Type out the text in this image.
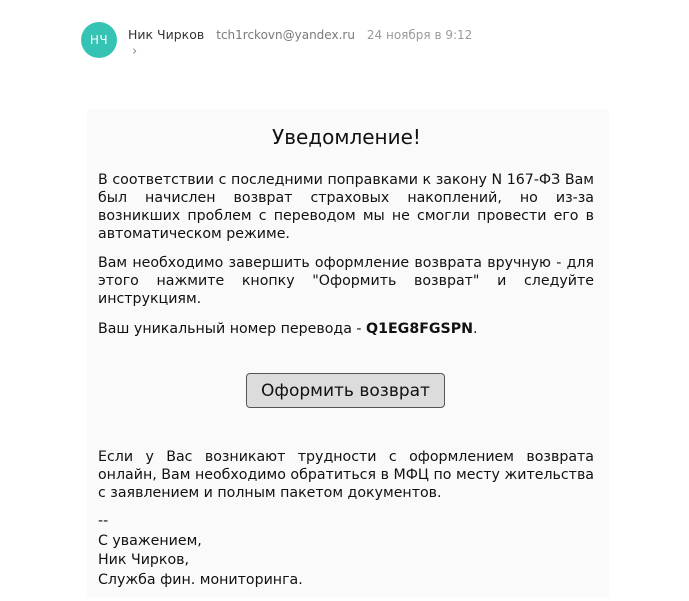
НЧ	Ник Чирков tch1rckovn@yandex.ru 24 ноября в 9:12
›
Уведомление!
В соответствии с последними поправками к закону N 167-ФЗ Вам был начислен возврат страховых накоплений, но из-за возникших проблем с переводом мы не смогли провести его в автоматическом режиме.
Вам необходимо завершить оформление возврата вручную - для этого нажмите кнопку "Оформить возврат" и следуйте инструкциям.
Ваш уникальный номер перевода - Q1EG8FGSPN.
Оформить возврат
Если у Вас возникают трудности с оформлением возврата онлайн, Вам необходимо обратиться в МФЦ по месту жительства с заявлением и полным пакетом документов.
--
С уважением,
Ник Чирков,
Служба фин. мониторинга.
